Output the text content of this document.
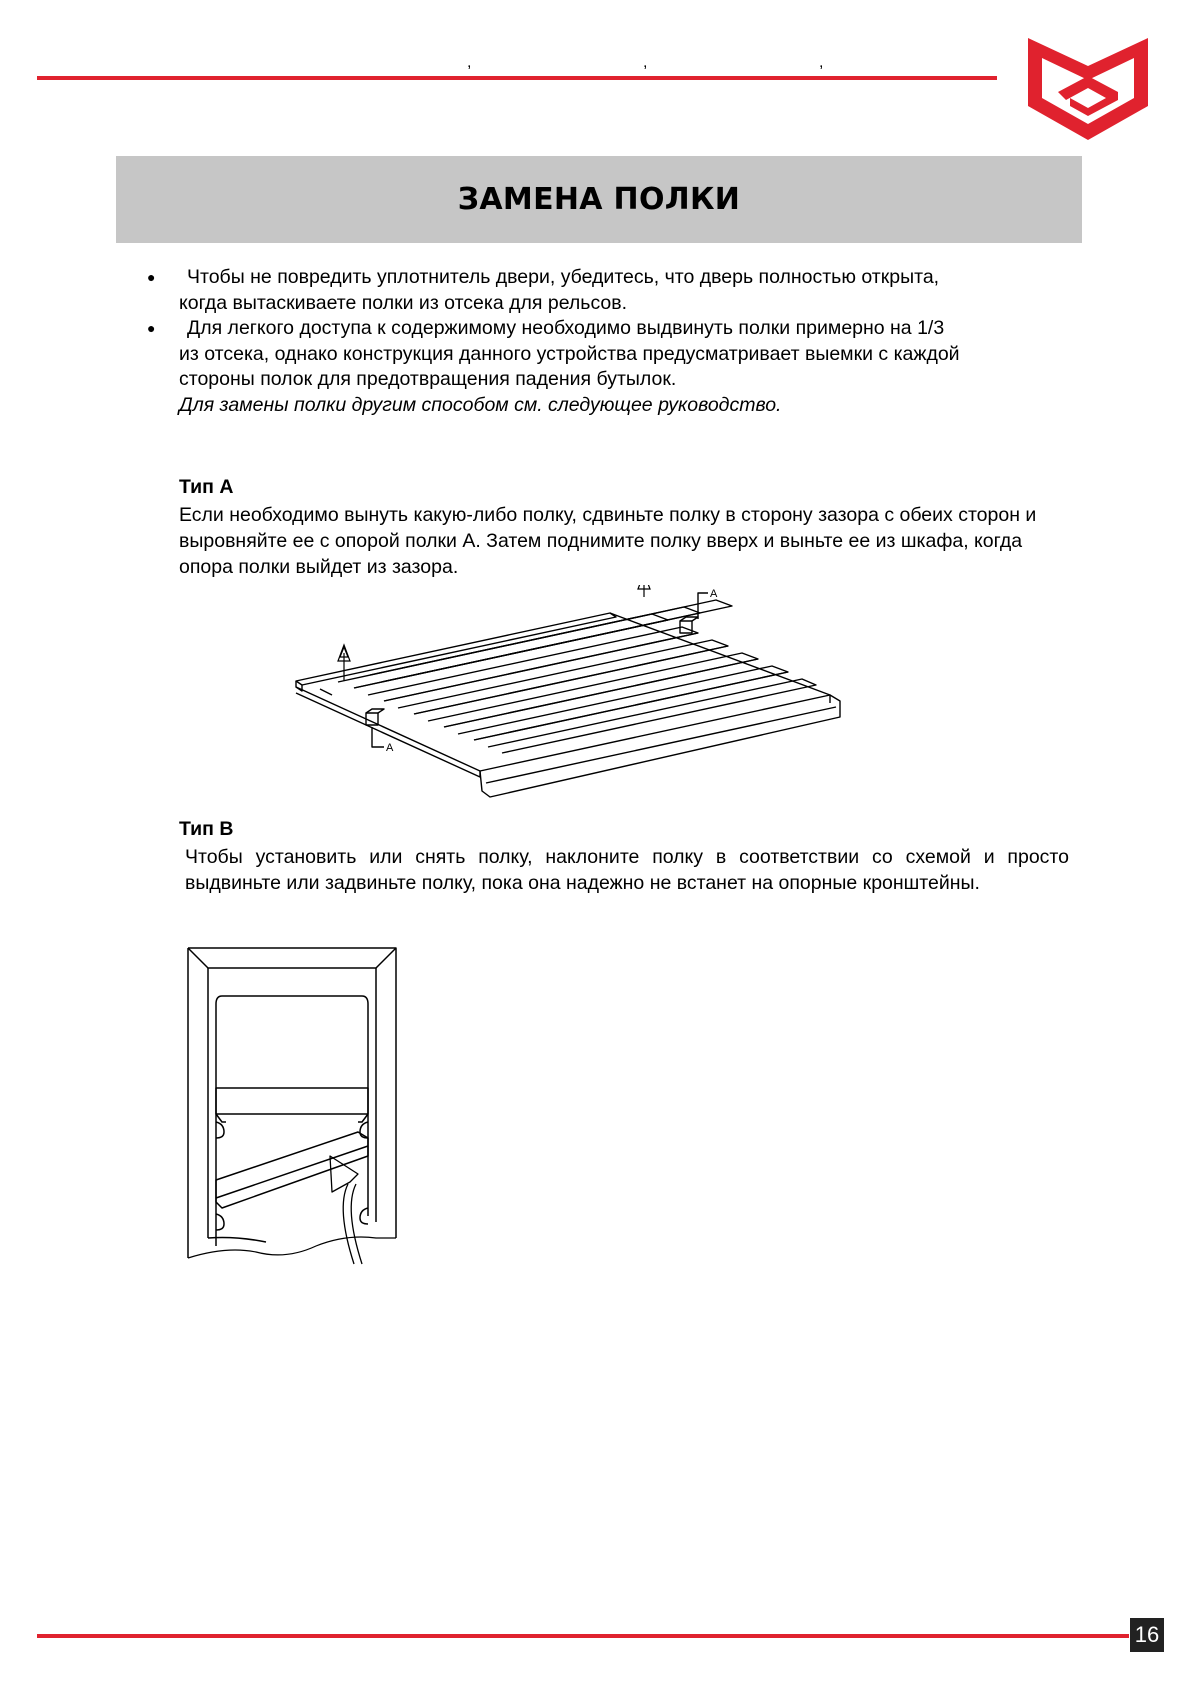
,	,	,
ЗАМЕНА ПОЛКИ
●	Чтобы не повредить уплотнитель двери, убедитесь, что дверь полностью открыта,
когда вытаскиваете полки из отсека для рельсов.
●	Для легкого доступа к содержимому необходимо выдвинуть полки примерно на 1/3
из отсека, однако конструкция данного устройства предусматривает выемки с каждой стороны полок для предотвращения падения бутылок.
Для замены полки другим способом см. следующее руководство.
Тип A

Если необходимо вынуть какую-либо полку, сдвиньте полку в сторону зазора с обеих сторон и выровняйте ее с опорой полки A. Затем поднимите полку вверх и выньте ее из шкафа, когда опора полки выйдет из зазора.

A
A
Тип B

Чтобы установить или снять полку, наклоните полку в соответствии со схемой и просто выдвиньте или задвиньте полку, пока она надежно не встанет на опорные кронштейны.

16
